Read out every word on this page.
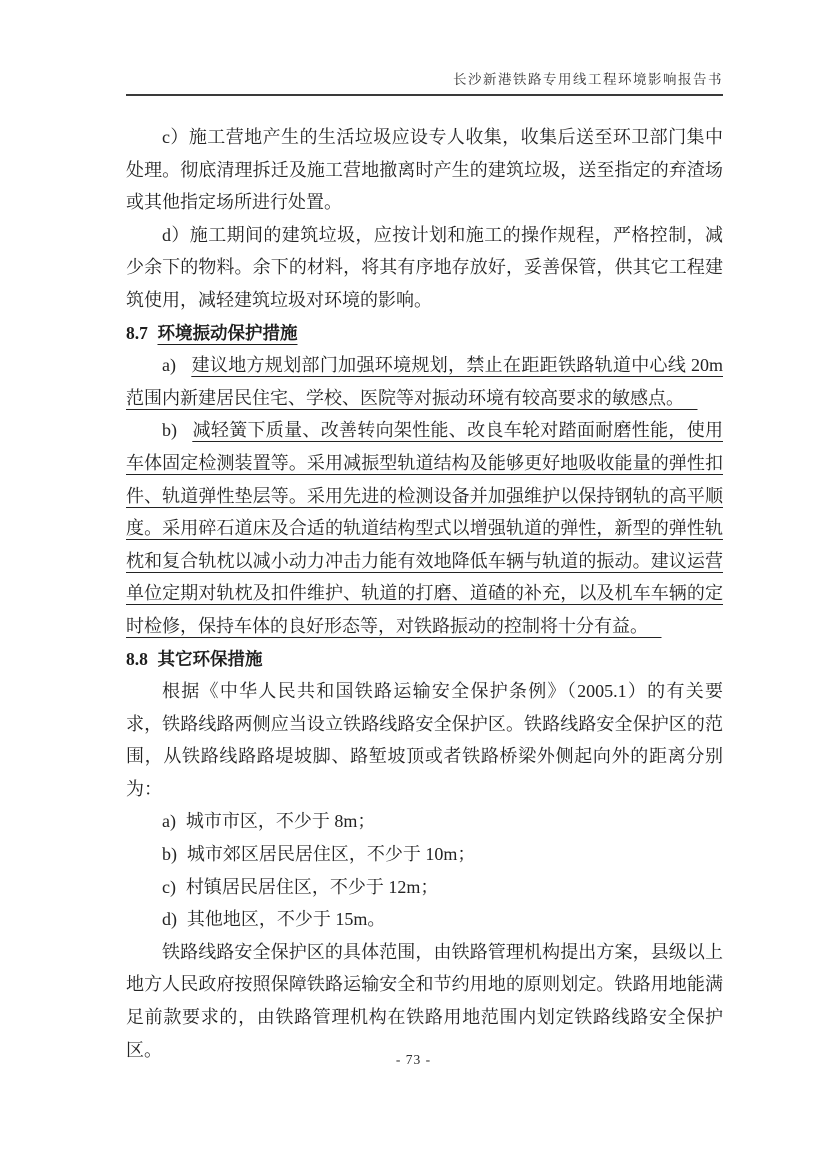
长沙新港铁路专用线工程环境影响报告书

c）施工营地产生的生活垃圾应设专人收集，收集后送至环卫部门集中处理。彻底清理拆迁及施工营地撤离时产生的建筑垃圾，送至指定的弃渣场或其他指定场所进行处置。

d）施工期间的建筑垃圾，应按计划和施工的操作规程，严格控制，减少余下的物料。余下的材料，将其有序地存放好，妥善保管，供其它工程建筑使用，减轻建筑垃圾对环境的影响。

8.7 环境振动保护措施

a) 建议地方规划部门加强环境规划，禁止在距距铁路轨道中心线 20m 范围内新建居民住宅、学校、医院等对振动环境有较高要求的敏感点。

b) 减轻簧下质量、改善转向架性能、改良车轮对踏面耐磨性能，使用车体固定检测装置等。采用减振型轨道结构及能够更好地吸收能量的弹性扣件、轨道弹性垫层等。采用先进的检测设备并加强维护以保持钢轨的高平顺度。采用碎石道床及合适的轨道结构型式以增强轨道的弹性，新型的弹性轨枕和复合轨枕以减小动力冲击力能有效地降低车辆与轨道的振动。建议运营单位定期对轨枕及扣件维护、轨道的打磨、道碴的补充，以及机车车辆的定时检修，保持车体的良好形态等，对铁路振动的控制将十分有益。

8.8 其它环保措施

根据《中华人民共和国铁路运输安全保护条例》（2005.1）的有关要求，铁路线路两侧应当设立铁路线路安全保护区。铁路线路安全保护区的范围，从铁路线路路堤坡脚、路堑坡顶或者铁路桥梁外侧起向外的距离分别为：

a) 城市市区，不少于 8m；

b) 城市郊区居民居住区，不少于 10m；

c) 村镇居民居住区，不少于 12m；

d) 其他地区，不少于 15m。

铁路线路安全保护区的具体范围，由铁路管理机构提出方案，县级以上地方人民政府按照保障铁路运输安全和节约用地的原则划定。铁路用地能满足前款要求的，由铁路管理机构在铁路用地范围内划定铁路线路安全保护区。	- 73 -
